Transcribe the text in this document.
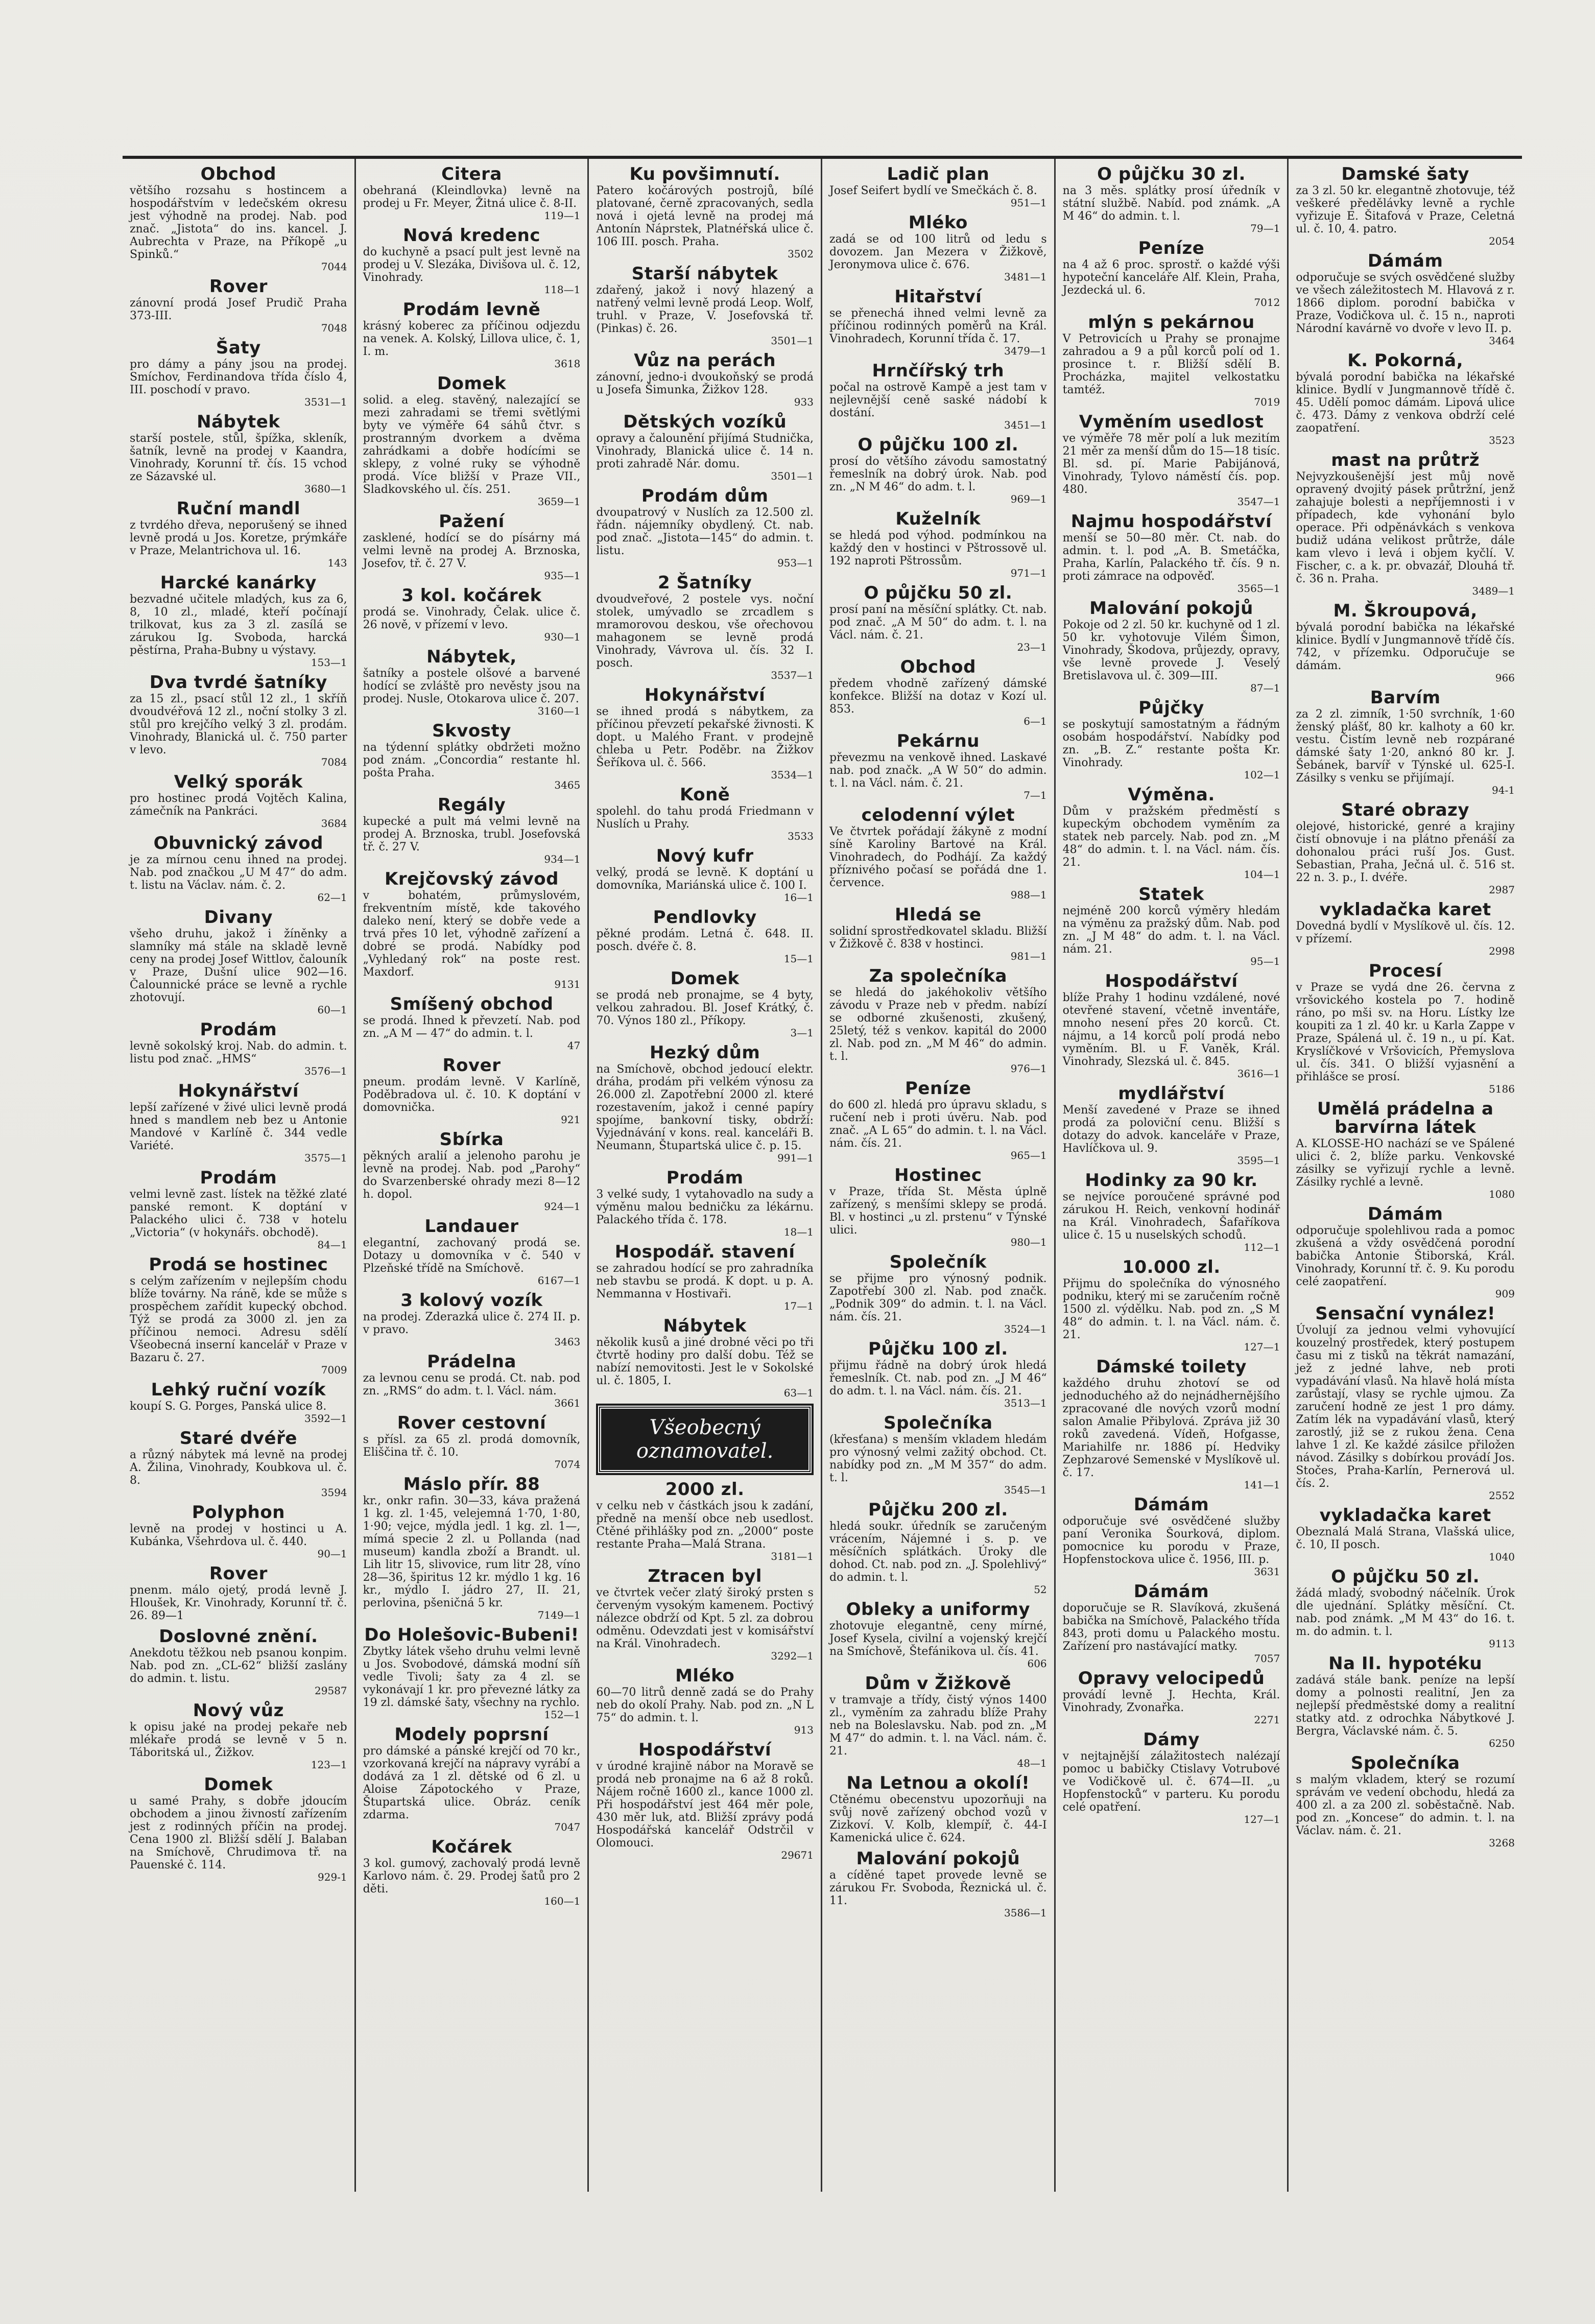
Obchod

většího rozsahu s hostincem a hospodářstvím v ledečském okresu jest výhodně na prodej. Nab. pod znač. „Jistota“ do ins. kancel. J. Aubrechta v Praze, na Příkopě „u Spinků.“

7044
Rover

zánovní prodá Josef Prudič Praha 373-III.

7048
Šaty

pro dámy a pány jsou na prodej. Smíchov, Ferdinandova třída číslo 4, III. poschodí v pravo.

3531—1
Nábytek

starší postele, stůl, špížka, skleník, šatník, levně na prodej v Kaandra, Vinohrady, Korunní tř. čís. 15 vchod ze Sázavské ul.

3680—1
Ruční mandl

z tvrdého dřeva, neporušený se ihned levně prodá u Jos. Koretze, prýmkáře v Praze, Melantrichova ul. 16.

143
Harcké kanárky

bezvadné učitele mladých, kus za 6, 8, 10 zl., mladé, kteří počínají trilkovat, kus za 3 zl. zasílá se zárukou Ig. Svoboda, harcká pěstírna, Praha-Bubny u výstavy.

153—1
Dva tvrdé šatníky

za 15 zl., psací stůl 12 zl., 1 skříň dvoudvéřová 12 zl., noční stolky 3 zl. stůl pro krejčího velký 3 zl. prodám. Vinohrady, Blanická ul. č. 750 parter v levo.

7084
Velký sporák

pro hostinec prodá Vojtěch Kalina, zámečník na Pankráci.

3684
Obuvnický závod

je za mírnou cenu ihned na prodej. Nab. pod značkou „U M 47“ do adm. t. listu na Václav. nám. č. 2.

62—1
Divany

všeho druhu, jakož i žíněnky a slamníky má stále na skladě levně ceny na prodej Josef Wittlov, čalouník v Praze, Dušní ulice 902—16. Čalounnické práce se levně a rychle zhotovují.

60—1
Prodám

levně sokolský kroj. Nab. do admin. t. listu pod znač. „HMS“

3576—1
Hokynářství

lepší zařízené v živé ulici levně prodá hned s mandlem neb bez u Antonie Mandové v Karlíně č. 344 vedle Variété.

3575—1
Prodám

velmi levně zast. lístek na těžké zlaté panské remont. K doptání v Palackého ulici č. 738 v hotelu „Victoria“ (v hokynářs. obchodě).

84—1
Prodá se hostinec

s celým zařízením v nejlepším chodu blíže továrny. Na ráně, kde se může s prospěchem zařídit kupecký obchod. Týž se prodá za 3000 zl. jen za příčinou nemoci. Adresu sdělí Všeobecná inserní kancelář v Praze v Bazaru č. 27.

7009
Lehký ruční vozík

koupí S. G. Porges, Panská ulice 8.

3592—1
Staré dvéře

a různý nábytek má levně na prodej A. Žilina, Vinohrady, Koubkova ul. č. 8.

3594
Polyphon

levně na prodej v hostinci u A. Kubánka, Všehrdova ul. č. 440.

90—1
Rover

pnenm. málo ojetý, prodá levně J. Hloušek, Kr. Vinohrady, Korunní tř. č. 26. 89—1

Doslovné znění.

Anekdotu těžkou neb psanou konpim. Nab. pod zn. „CL-62“ bližší zaslány do admin. t. listu.

29587
Nový vůz

k opisu jaké na prodej pekaře neb mlékaře prodá se levně v 5 n. Táboritská ul., Žižkov.

123—1
Domek

u samé Prahy, s dobře jdoucím obchodem a jinou živností zařízením jest z rodinných příčin na prodej. Cena 1900 zl. Bližší sdělí J. Balaban na Smíchově, Chrudimova tř. na Pauenské č. 114.

929-1
Citera

obehraná (Kleindlovka) levně na prodej u Fr. Meyer, Žitná ulice č. 8-II.

119—1
Nová kredenc

do kuchyně a psací pult jest levně na prodej u V. Slezáka, Divišova ul. č. 12, Vinohrady.

118—1
Prodám levně

krásný koberec za příčinou odjezdu na venek. A. Kolský, Lillova ulice, č. 1, I. m.

3618
Domek

solid. a eleg. stavěný, nalezající se mezi zahradami se třemi světlými byty ve výměře 64 sáhů čtvr. s prostranným dvorkem a dvěma zahrádkami a dobře hodícími se sklepy, z volné ruky se výhodně prodá. Více bližší v Praze VII., Sladkovského ul. čís. 251.

3659—1
Pažení

zasklené, hodící se do písárny má velmi levně na prodej A. Brznoska, Josefov, tř. č. 27 V.

935—1
3 kol. kočárek

prodá se. Vinohrady, Čelak. ulice č. 26 nově, v přízemí v levo.

930—1
Nábytek,

šatníky a postele olšové a barvené hodící se zvláště pro nevěsty jsou na prodej. Nusle, Otokarova ulice č. 207.

3160—1
Skvosty

na týdenní splátky obdržeti možno pod znám. „Concordia“ restante hl. pošta Praha.

3465
Regály

kupecké a pult má velmi levně na prodej A. Brznoska, trubl. Josefovská tř. č. 27 V.

934—1
Krejčovský závod

v bohatém, průmyslovém, frekventním místě, kde takového daleko není, který se dobře vede a trvá přes 10 let, výhodně zařízení a dobré se prodá. Nabídky pod „Vyhledaný rok“ na poste rest. Maxdorf.

9131
Smíšený obchod

se prodá. Ihned k převzetí. Nab. pod zn. „A M — 47“ do admin. t. l.

47
Rover

pneum. prodám levně. V Karlíně, Poděbradova ul. č. 10. K doptání v domovnička.

921
Sbírka

pěkných aralií a jelenoho parohu je levně na prodej. Nab. pod „Parohy“ do Svarzenberské ohrady mezi 8—12 h. dopol.

924—1
Landauer

elegantní, zachovaný prodá se. Dotazy u domovníka v č. 540 v Plzeňské třídě na Smíchově.

6167—1
3 kolový vozík

na prodej. Zderazká ulice č. 274 II. p. v pravo.

3463
Prádelna

za levnou cenu se prodá. Ct. nab. pod zn. „RMS“ do adm. t. l. Václ. nám.

3661
Rover cestovní

s přísl. za 65 zl. prodá domovník, Eliščina tř. č. 10.

7074
Máslo přír. 88

kr., onkr rafin. 30—33, káva pražená 1 kg. zl. 1·45, velejemná 1·70, 1·80, 1·90; vejce, mýdla jedl. 1 kg. zl. 1—, mímá specie 2 zl. u Pollanda (nad museum) kandla zboží a Brandt. ul. Lih litr 15, slivovice, rum litr 28, víno 28—36, špiritus 12 kr. mýdlo 1 kg. 16 kr., mýdlo I. jádro 27, II. 21, perlovina, pšeničná 5 kr.

7149—1
Do Holešovic-Bubeni!

Zbytky látek všeho druhu velmi levně u Jos. Svobodové, dámská modní síň vedle Tivoli; šaty za 4 zl. se vykonávají 1 kr. pro převezné látky za 19 zl. dámské šaty, všechny na rychlo.

152—1
Modely poprsní

pro dámské a pánské krejčí od 70 kr., vzorkovaná krejčí na nápravy vyrábí a dodává za 1 zl. dětské od 6 zl. u Aloise Zápotockého v Praze, Štupartská ulice. Obráz. ceník zdarma.

7047
Kočárek

3 kol. gumový, zachovalý prodá levně Karlovo nám. č. 29. Prodej šatů pro 2 děti.

160—1
Ku povšimnutí.

Patero kočárových postrojů, bílé platované, černě zpracovaných, sedla nová i ojetá levně na prodej má Antonín Náprstek, Platnéřská ulice č. 106 III. posch. Praha.

3502
Starší nábytek

zdařený, jakož i nový hlazený a natřený velmi levně prodá Leop. Wolf, truhl. v Praze, V. Josefovská tř. (Pinkas) č. 26.

3501—1
Vůz na perách

zánovní, jedno-i dvoukoňský se prodá u Josefa Šimunka, Žižkov 128.

933
Dětských vozíků

opravy a čalounění přijímá Studnička, Vinohrady, Blanická ulice č. 14 n. proti zahradě Nár. domu.

3501—1
Prodám dům

dvoupatrový v Nuslích za 12.500 zl. řádn. nájemníky obydlený. Ct. nab. pod znač. „Jistota—145“ do admin. t. listu.

953—1
2 Šatníky

dvoudveřové, 2 postele vys. noční stolek, umývadlo se zrcadlem s mramorovou deskou, vše ořechovou mahagonem se levně prodá Vinohrady, Vávrova ul. čís. 32 I. posch.

3537—1
Hokynářství

se ihned prodá s nábytkem, za příčinou převzetí pekařské živnosti. K dopt. u Malého Frant. v prodejně chleba u Petr. Poděbr. na Žižkov Šeříkova ul. č. 566.

3534—1
Koně

spolehl. do tahu prodá Friedmann v Nuslích u Prahy.

3533
Nový kufr

velký, prodá se levně. K doptání u domovníka, Mariánská ulice č. 100 I.

16—1
Pendlovky

pěkné prodám. Letná č. 648. II. posch. dvéře č. 8.

15—1
Domek

se prodá neb pronajme, se 4 byty, velkou zahradou. Bl. Josef Krátký, č. 70. Výnos 180 zl., Příkopy.

3—1
Hezký dům

na Smíchově, obchod jedoucí elektr. dráha, prodám při velkém výnosu za 26.000 zl. Zapotřební 2000 zl. které rozestavením, jakož i cenné papíry spojíme, bankovní tisky, obdrží: Vyjednávání v kons. real. kanceláři B. Neumann, Štupartská ulice č. p. 15.

991—1
Prodám

3 velké sudy, 1 vytahovadlo na sudy a výměnu malou bedničku za lékárnu. Palackého třída č. 178.

18—1
Hospodář. stavení

se zahradou hodící se pro zahradníka neb stavbu se prodá. K dopt. u p. A. Nemmanna v Hostivaři.

17—1
Nábytek

několik kusů a jiné drobné věci po tři čtvrtě hodiny pro další dobu. Též se nabízí nemovitosti. Jest le v Sokolské ul. č. 1805, I.

63—1
Všeobecný oznamovatel.
2000 zl.

v celku neb v částkách jsou k zadání, předně na menší obce neb usedlost. Ctěné přihlášky pod zn. „2000“ poste restante Praha—Malá Strana.

3181—1
Ztracen byl

ve čtvrtek večer zlatý široký prsten s červeným vysokým kamenem. Poctivý nálezce obdrží od Kpt. 5 zl. za dobrou odměnu. Odevzdati jest v komisářství na Král. Vinohradech.

3292—1
Mléko

60—70 litrů denně zadá se do Prahy neb do okolí Prahy. Nab. pod zn. „N L 75“ do admin. t. l.

913
Hospodářství

v úrodné krajině nábor na Moravě se prodá neb pronajme na 6 až 8 roků. Nájem ročně 1600 zl., kance 1000 zl. Při hospodářství jest 464 měr pole, 430 měr luk, atd. Bližší zprávy podá Hospodářská kancelář Odstrčil v Olomouci.

29671
Ladič plan

Josef Seifert bydlí ve Smečkách č. 8.

951—1
Mléko

zadá se od 100 litrů od ledu s dovozem. Jan Mezera v Žižkově, Jeronymova ulice č. 676.

3481—1
Hitařství

se přenechá ihned velmi levně za příčinou rodinných poměrů na Král. Vinohradech, Korunní třída č. 17.

3479—1
Hrnčířský trh

počal na ostrově Kampě a jest tam v nejlevnější ceně saské nádobí k dostání.

3451—1
O půjčku 100 zl.

prosí do většího závodu samostatný řemeslník na dobrý úrok. Nab. pod zn. „N M 46“ do adm. t. l.

969—1
Kuželník

se hledá pod výhod. podmínkou na každý den v hostinci v Pštrossově ul. 192 naproti Pštrossům.

971—1
O půjčku 50 zl.

prosí paní na měsíční splátky. Ct. nab. pod znač. „A M 50“ do adm. t. l. na Václ. nám. č. 21.

23—1
Obchod

předem vhodně zařízený dámské konfekce. Bližší na dotaz v Kozí ul. 853.

6—1
Pekárnu

převezmu na venkově ihned. Laskavé nab. pod značk. „A W 50“ do admin. t. l. na Václ. nám. č. 21.

7—1
celodenní výlet

Ve čtvrtek pořádají žákyně z modní síně Karoliny Bartové na Král. Vinohradech, do Podhájí. Za každý příznivého počasí se pořádá dne 1. července.

988—1
Hledá se

solidní sprostředkovatel skladu. Bližší v Žižkově č. 838 v hostinci.

981—1
Za společníka

se hledá do jakéhokoliv většího závodu v Praze neb v předm. nabízí se odborné zkušenosti, zkušený, 25letý, též s venkov. kapitál do 2000 zl. Nab. pod zn. „M M 46“ do admin. t. l.

976—1
Peníze

do 600 zl. hledá pro úpravu skladu, s ručení neb i proti úvěru. Nab. pod znač. „A L 65“ do admin. t. l. na Václ. nám. čís. 21.

965—1
Hostinec

v Praze, třída St. Města úplně zařízený, s menšími sklepy se prodá. Bl. v hostinci „u zl. prstenu“ v Týnské ulici.

980—1
Společník

se přijme pro výnosný podnik. Zapotřebí 300 zl. Nab. pod značk. „Podnik 309“ do admin. t. l. na Václ. nám. čís. 21.

3524—1
Půjčku 100 zl.

přijmu řádně na dobrý úrok hledá řemeslník. Ct. nab. pod zn. „J M 46“ do adm. t. l. na Václ. nám. čís. 21.

3513—1
Společníka

(křesťana) s menším vkladem hledám pro výnosný velmi zažitý obchod. Ct. nabídky pod zn. „M M 357“ do adm. t. l.

3545—1
Půjčku 200 zl.

hledá soukr. úředník se zaručeným vrácením, Nájemné i s. p. ve měsíčních splátkách. Úroky dle dohod. Ct. nab. pod zn. „J. Spolehlivý“ do admin. t. l.

52
Obleky a uniformy

zhotovuje elegantně, ceny mírné, Josef Kysela, civilní a vojenský krejčí na Smíchově, Štefánikova ul. čís. 41.

606
Dům v Žižkově

v tramvaje a třídy, čistý výnos 1400 zl., vyměním za zahradu blíže Prahy neb na Boleslavsku. Nab. pod zn. „M M 47“ do admin. t. l. na Václ. nám. č. 21.

48—1
Na Letnou a okolí!

Ctěnému obecenstvu upozorňuji na svůj nově zařízený obchod vozů v Zizkoví. V. Kolb, klempíř, č. 44-I Kamenická ulice č. 624.

Malování pokojů

a cíděné tapet provede levně se zárukou Fr. Svoboda, Řeznická ul. č. 11.

3586—1
O půjčku 30 zl.

na 3 měs. splátky prosí úředník v státní službě. Nabíd. pod známk. „A M 46“ do admin. t. l.

79—1
Peníze

na 4 až 6 proc. sprostř. o každé výši hypoteční kanceláře Alf. Klein, Praha, Jezdecká ul. 6.

7012
mlýn s pekárnou

V Petrovicích u Prahy se pronajme zahradou a 9 a půl korců polí od 1. prosince t. r. Bližší sdělí B. Procházka, majitel velkostatku tamtéž.

7019
Vyměním usedlost

ve výměře 78 měr polí a luk mezitím 21 měr za menší dům do 15—18 tisíc. Bl. sd. pí. Marie Pabijánová, Vinohrady, Tylovo náměstí čís. pop. 480.

3547—1
Najmu hospodářství

menší se 50—80 měr. Ct. nab. do admin. t. l. pod „A. B. Smetáčka, Praha, Karlín, Palackého tř. čís. 9 n. proti zámrace na odpověď.

3565—1
Malování pokojů

Pokoje od 2 zl. 50 kr. kuchyně od 1 zl. 50 kr. vyhotovuje Vilém Šimon, Vinohrady, Škodova, průjezdy, opravy, vše levně provede J. Veselý Bretislavova ul. č. 309—III.

87—1
Půjčky

se poskytují samostatným a řádným osobám hospodářství. Nabídky pod zn. „B. Z.“ restante pošta Kr. Vinohrady.

102—1
Výměna.

Dům v pražském předměstí s kupeckým obchodem vyměním za statek neb parcely. Nab. pod zn. „M 48“ do admin. t. l. na Václ. nám. čís. 21.

104—1
Statek

nejméně 200 korců výměry hledám na výměnu za pražský dům. Nab. pod zn. „J M 48“ do adm. t. l. na Václ. nám. 21.

95—1
Hospodářství

blíže Prahy 1 hodinu vzdálené, nové otevřené stavení, včetně inventáře, mnoho nesení přes 20 korců. Ct. nájmu, a 14 korců polí prodá nebo vyměním. Bl. u F. Vaněk, Král. Vinohrady, Slezská ul. č. 845.

3616—1
mydlářství

Menší zavedené v Praze se ihned prodá za poloviční cenu. Bližší s dotazy do advok. kanceláře v Praze, Havlíčkova ul. 9.

3595—1
Hodinky za 90 kr.

se nejvíce poroučené správné pod zárukou H. Reich, venkovní hodinář na Král. Vinohradech, Šafaříkova ulice č. 15 u nuselských schodů.

112—1
10.000 zl.

Přijmu do společníka do výnosného podniku, který mi se zaručením ročně 1500 zl. výdělku. Nab. pod zn. „S M 48“ do admin. t. l. na Václ. nám. č. 21.

127—1
Dámské toilety

každého druhu zhotoví se od jednoduchého až do nejnádhernějšího zpracované dle nových vzorů modní salon Amalie Přibylová. Zpráva již 30 roků zavedená. Vídeň, Hofgasse, Mariahilfe nr. 1886 pí. Hedviky Zephzarové Semenské v Myslíkově ul. č. 17.

141—1
Dámám

odporučuje své osvědčené služby paní Veronika Šourková, diplom. pomocnice ku porodu v Praze, Hopfenstockova ulice č. 1956, III. p.

3631
Dámám

doporučuje se R. Slavíková, zkušená babička na Smíchově, Palackého třída 843, proti domu u Palackého mostu. Zařízení pro nastávající matky.

7057
Opravy velocipedů

provádí levně J. Hechta, Král. Vinohrady, Zvonařka.

2271
Dámy

v nejtajnější zálažitostech nalézají pomoc u babičky Ctislavy Votrubové ve Vodičkově ul. č. 674—II. „u Hopfenstocků“ v parteru. Ku porodu celé opatření.

127—1
Damské šaty

za 3 zl. 50 kr. elegantně zhotovuje, též veškeré předělávky levně a rychle vyřizuje E. Šitafová v Praze, Celetná ul. č. 10, 4. patro.

2054
Dámám

odporučuje se svých osvědčené služby ve všech záležitostech M. Hlavová z r. 1866 diplom. porodní babička v Praze, Vodičkova ul. č. 15 n., naproti Národní kavárně vo dvoře v levo II. p.

3464
K. Pokorná,

bývalá porodní babička na lékařské klinice. Bydlí v Jungmannově třídě č. 45. Udělí pomoc dámám. Lipová ulice č. 473. Dámy z venkova obdrží celé zaopatření.

3523
mast na průtrž

Nejvyzkoušenější jest můj nově opravený dvojitý pásek průtržní, jenž zahajuje bolesti a nepříjemnosti i v případech, kde vyhonání bylo operace. Při odpěnávkách s venkova budiž udána velikost průtrže, dále kam vlevo i levá i objem kyčlí. V. Fischer, c. a k. pr. obvazář, Dlouhá tř. č. 36 n. Praha.

3489—1
M. Škroupová,

bývalá porodní babička na lékařské klinice. Bydlí v Jungmannově třídě čís. 742, v přízemku. Odporučuje se dámám.

966
Barvím

za 2 zl. zimník, 1·50 svrchník, 1·60 ženský plášť, 80 kr. kalhoty a 60 kr. vestu. Čistím levně neb rozpárané dámské šaty 1·20, anknó 80 kr. J. Šebánek, barvíř v Týnské ul. 625-I. Zásilky s venku se přijímají.

94-1
Staré obrazy

olejové, historické, genré a krajiny čistí obnovuje i na plátno přenáší za dohonalou práci ruší Jos. Gust. Sebastian, Praha, Ječná ul. č. 516 st. 22 n. 3. p., I. dvéře.

2987
vykladačka karet

Dovedná bydlí v Myslíkově ul. čís. 12. v přízemí.

2998
Procesí

v Praze se vydá dne 26. června z vršovického kostela po 7. hodině ráno, po mši sv. na Horu. Lístky lze koupiti za 1 zl. 40 kr. u Karla Zappe v Praze, Spálená ul. č. 19 n., u pí. Kat. Kryslíčkové v Vršovicích, Přemyslova ul. čís. 341. O bližší vyjasnění a přihlášce se prosí.

5186
Umělá prádelna a barvírna látek

A. KLOSSE-HO nachází se ve Spálené ulici č. 2, blíže parku. Venkovské zásilky se vyřizují rychle a levně. Zásilky rychlé a levně.

1080
Dámám

odporučuje spolehlivou rada a pomoc zkušená a vždy osvědčená porodní babička Antonie Štiborská, Král. Vinohrady, Korunní tř. č. 9. Ku porodu celé zaopatření.

909
Sensační vynález!

Úvolují za jednou velmi vyhovující kouzelný prostředek, který postupem času mi z tisků na těkrát namazání, jež z jedné lahve, neb proti vypadávání vlasů. Na hlavě holá místa zarůstají, vlasy se rychle ujmou. Za zaručení hodně ze jest 1 pro dámy. Zatím lék na vypadávání vlasů, který zarostlý, již se z rukou žena. Cena lahve 1 zl. Ke každé zásilce přiložen návod. Zásilky s dobírkou provádí Jos. Stočes, Praha-Karlín, Pernerová ul. čís. 2.

2552
vykladačka karet

Obeznalá Malá Strana, Vlašská ulice, č. 10, II posch.

1040
O půjčku 50 zl.

žádá mladý, svobodný náčelník. Úrok dle ujednání. Splátky měsíční. Ct. nab. pod známk. „M M 43“ do 16. t. m. do admin. t. l.

9113
Na II. hypotéku

zadává stále bank. peníze na lepší domy a polnosti realitní, Jen za nejlepší předměstské domy a realitní statky atd. z odrochka Nábytkové J. Bergra, Václavské nám. č. 5.

6250
Společníka

s malým vkladem, který se rozumí správám ve vedení obchodu, hledá za 400 zl. a za 200 zl. soběstačně. Nab. pod zn. „Koncese“ do admin. t. l. na Václav. nám. č. 21.

3268
